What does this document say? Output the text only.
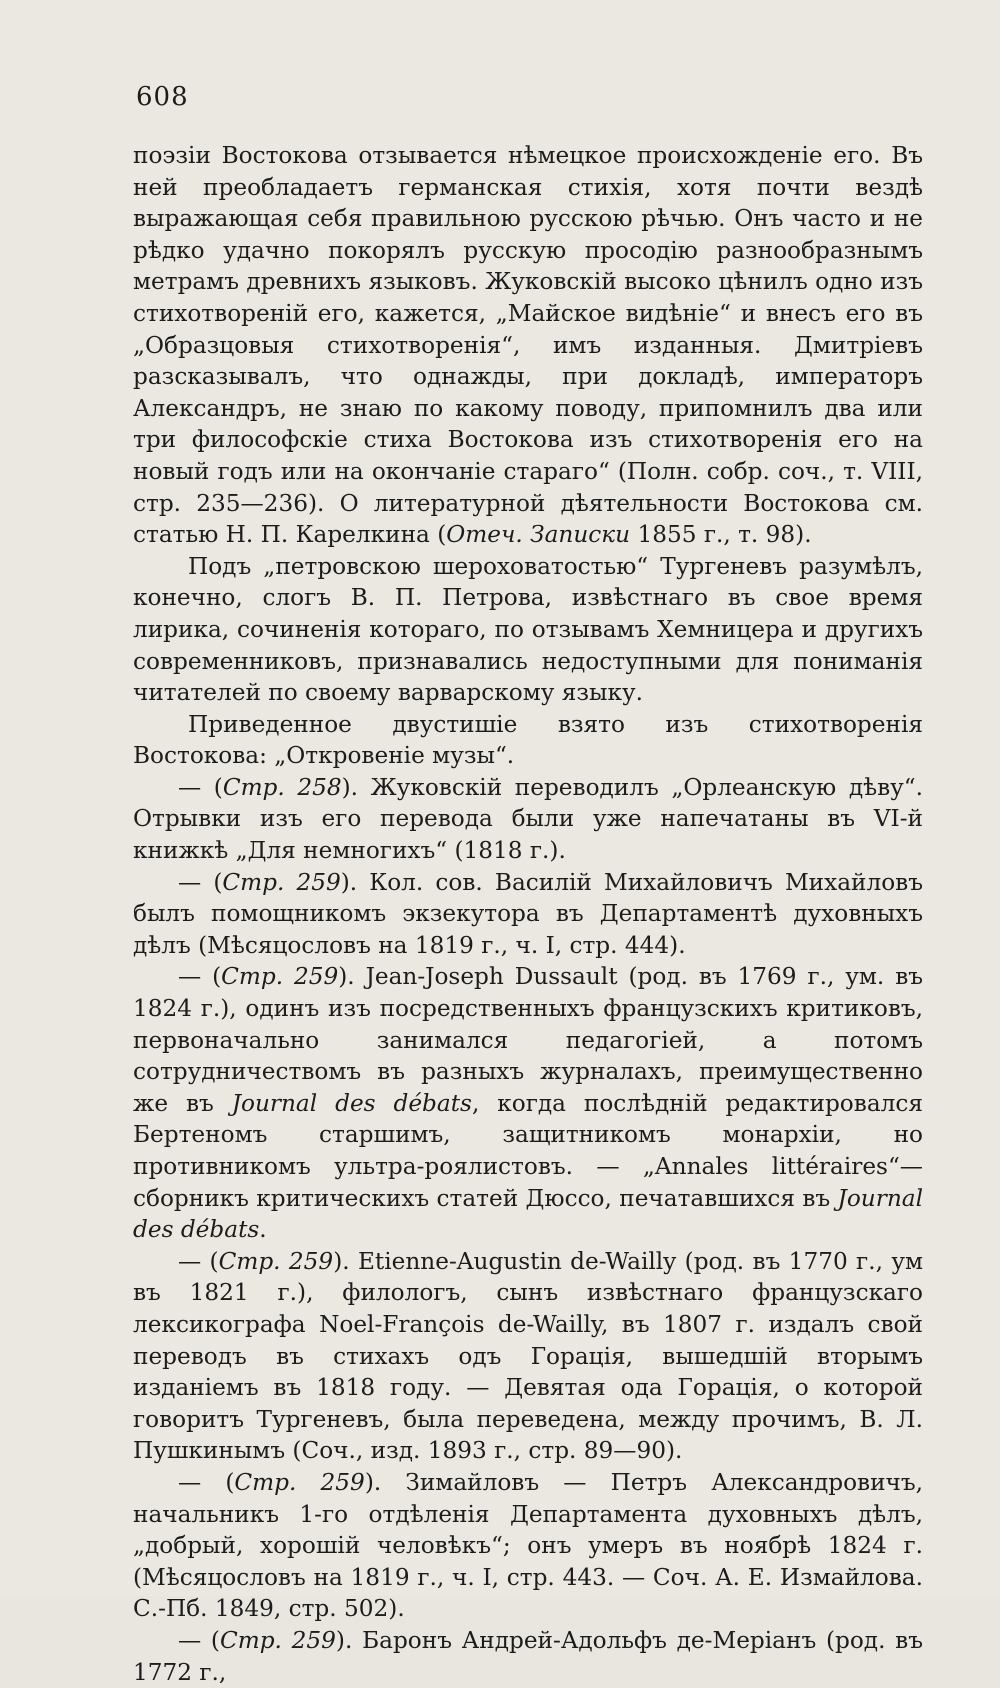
608

поэзіи Востокова отзывается нѣмецкое происхожденіе его. Въ ней преобладаетъ германская стихія, хотя почти вездѣ выражающая себя правильною русскою рѣчью. Онъ часто и не рѣдко удачно покорялъ русскую просодію разнообразнымъ метрамъ древнихъ языковъ. Жуковскій высоко цѣнилъ одно изъ стихотвореній его, кажется, „Майское видѣніе“ и внесъ его въ „Образцовыя стихотворенія“, имъ изданныя. Дмитріевъ разсказывалъ, что однажды, при докладѣ, императоръ Александръ, не знаю по какому поводу, припомнилъ два или три философскіе стиха Востокова изъ стихотворенія его на новый годъ или на окончаніе стараго“ (Полн. собр. соч., т. VIII, стр. 235—236). О литературной дѣятельности Востокова см. статью Н. П. Карелкина (Отеч. Записки 1855 г., т. 98).

Подъ „петровскою шероховатостью“ Тургеневъ разумѣлъ, конечно, слогъ В. П. Петрова, извѣстнаго въ свое время лирика, сочиненія котораго, по отзывамъ Хемницера и другихъ современниковъ, признавались недоступными для пониманія читателей по своему варварскому языку.

Приведенное двустишіе взято изъ стихотворенія Востокова: „Откровеніе музы“.

— (Стр. 258). Жуковскій переводилъ „Орлеанскую дѣву“. Отрывки изъ его перевода были уже напечатаны въ VI-й книжкѣ „Для немногихъ“ (1818 г.).

— (Стр. 259). Кол. сов. Василій Михайловичъ Михайловъ былъ помощникомъ экзекутора въ Департаментѣ духовныхъ дѣлъ (Мѣсяцословъ на 1819 г., ч. I, стр. 444).

— (Стр. 259). Jean-Joseph Dussault (род. въ 1769 г., ум. въ 1824 г.), одинъ изъ посредственныхъ французскихъ критиковъ, первоначально занимался педагогіей, а потомъ сотрудничествомъ въ разныхъ журналахъ, преимущественно же въ Journal des débats, когда послѣдній редактировался Бертеномъ старшимъ, защитникомъ монархіи, но противникомъ ультра-роялистовъ. — „Annales littéraires“—сборникъ критическихъ статей Дюссо, печатавшихся въ Journal des débats.

— (Стр. 259). Etienne-Augustin de-Wailly (род. въ 1770 г., ум въ 1821 г.), филологъ, сынъ извѣстнаго французскаго лексикографа Noel-François de-Wailly, въ 1807 г. издалъ свой переводъ въ стихахъ одъ Горація, вышедшій вторымъ изданіемъ въ 1818 году. — Девятая ода Горація, о которой говоритъ Тургеневъ, была переведена, между прочимъ, В. Л. Пушкинымъ (Соч., изд. 1893 г., стр. 89—90).

— (Стр. 259). Зимайловъ — Петръ Александровичъ, начальникъ 1-го отдѣленія Департамента духовныхъ дѣлъ, „добрый, хорошій человѣкъ“; онъ умеръ въ ноябрѣ 1824 г. (Мѣсяцословъ на 1819 г., ч. I, стр. 443. — Соч. А. Е. Измайлова. С.-Пб. 1849, стр. 502).

— (Стр. 259). Баронъ Андрей-Адольфъ де-Меріанъ (род. въ 1772 г.,
